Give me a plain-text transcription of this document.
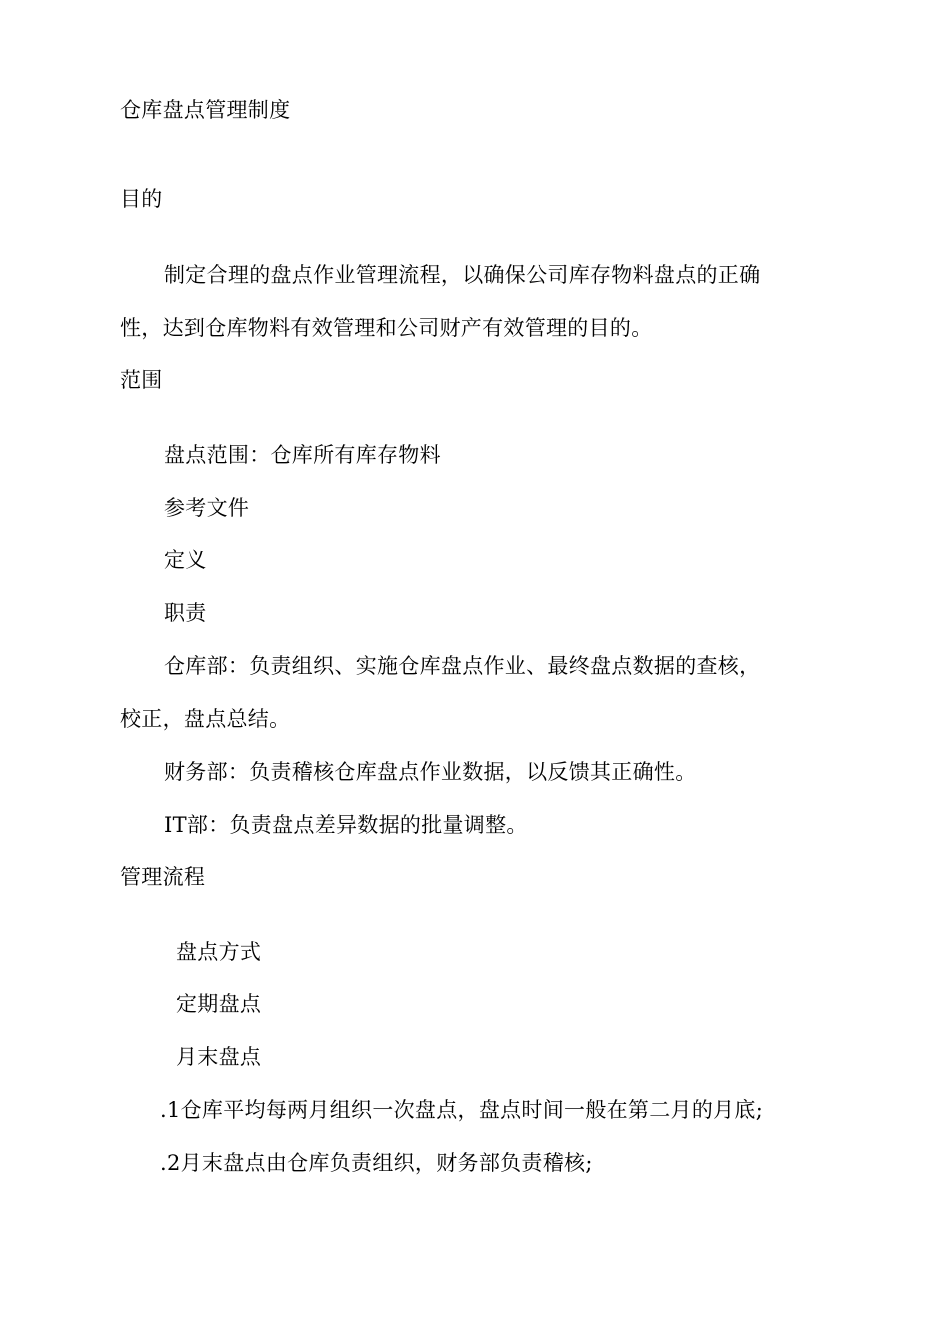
仓库盘点管理制度
目的
制定合理的盘点作业管理流程，以确保公司库存物料盘点的正确
性，达到仓库物料有效管理和公司财产有效管理的目的。
范围
盘点范围：仓库所有库存物料
参考文件
定义
职责
仓库部：负责组织、实施仓库盘点作业、最终盘点数据的查核，
校正，盘点总结。
财务部：负责稽核仓库盘点作业数据，以反馈其正确性。
IT部：负责盘点差异数据的批量调整。
管理流程
盘点方式
定期盘点
月末盘点
.1仓库平均每两月组织一次盘点，盘点时间一般在第二月的月底;
.2月末盘点由仓库负责组织，财务部负责稽核;
